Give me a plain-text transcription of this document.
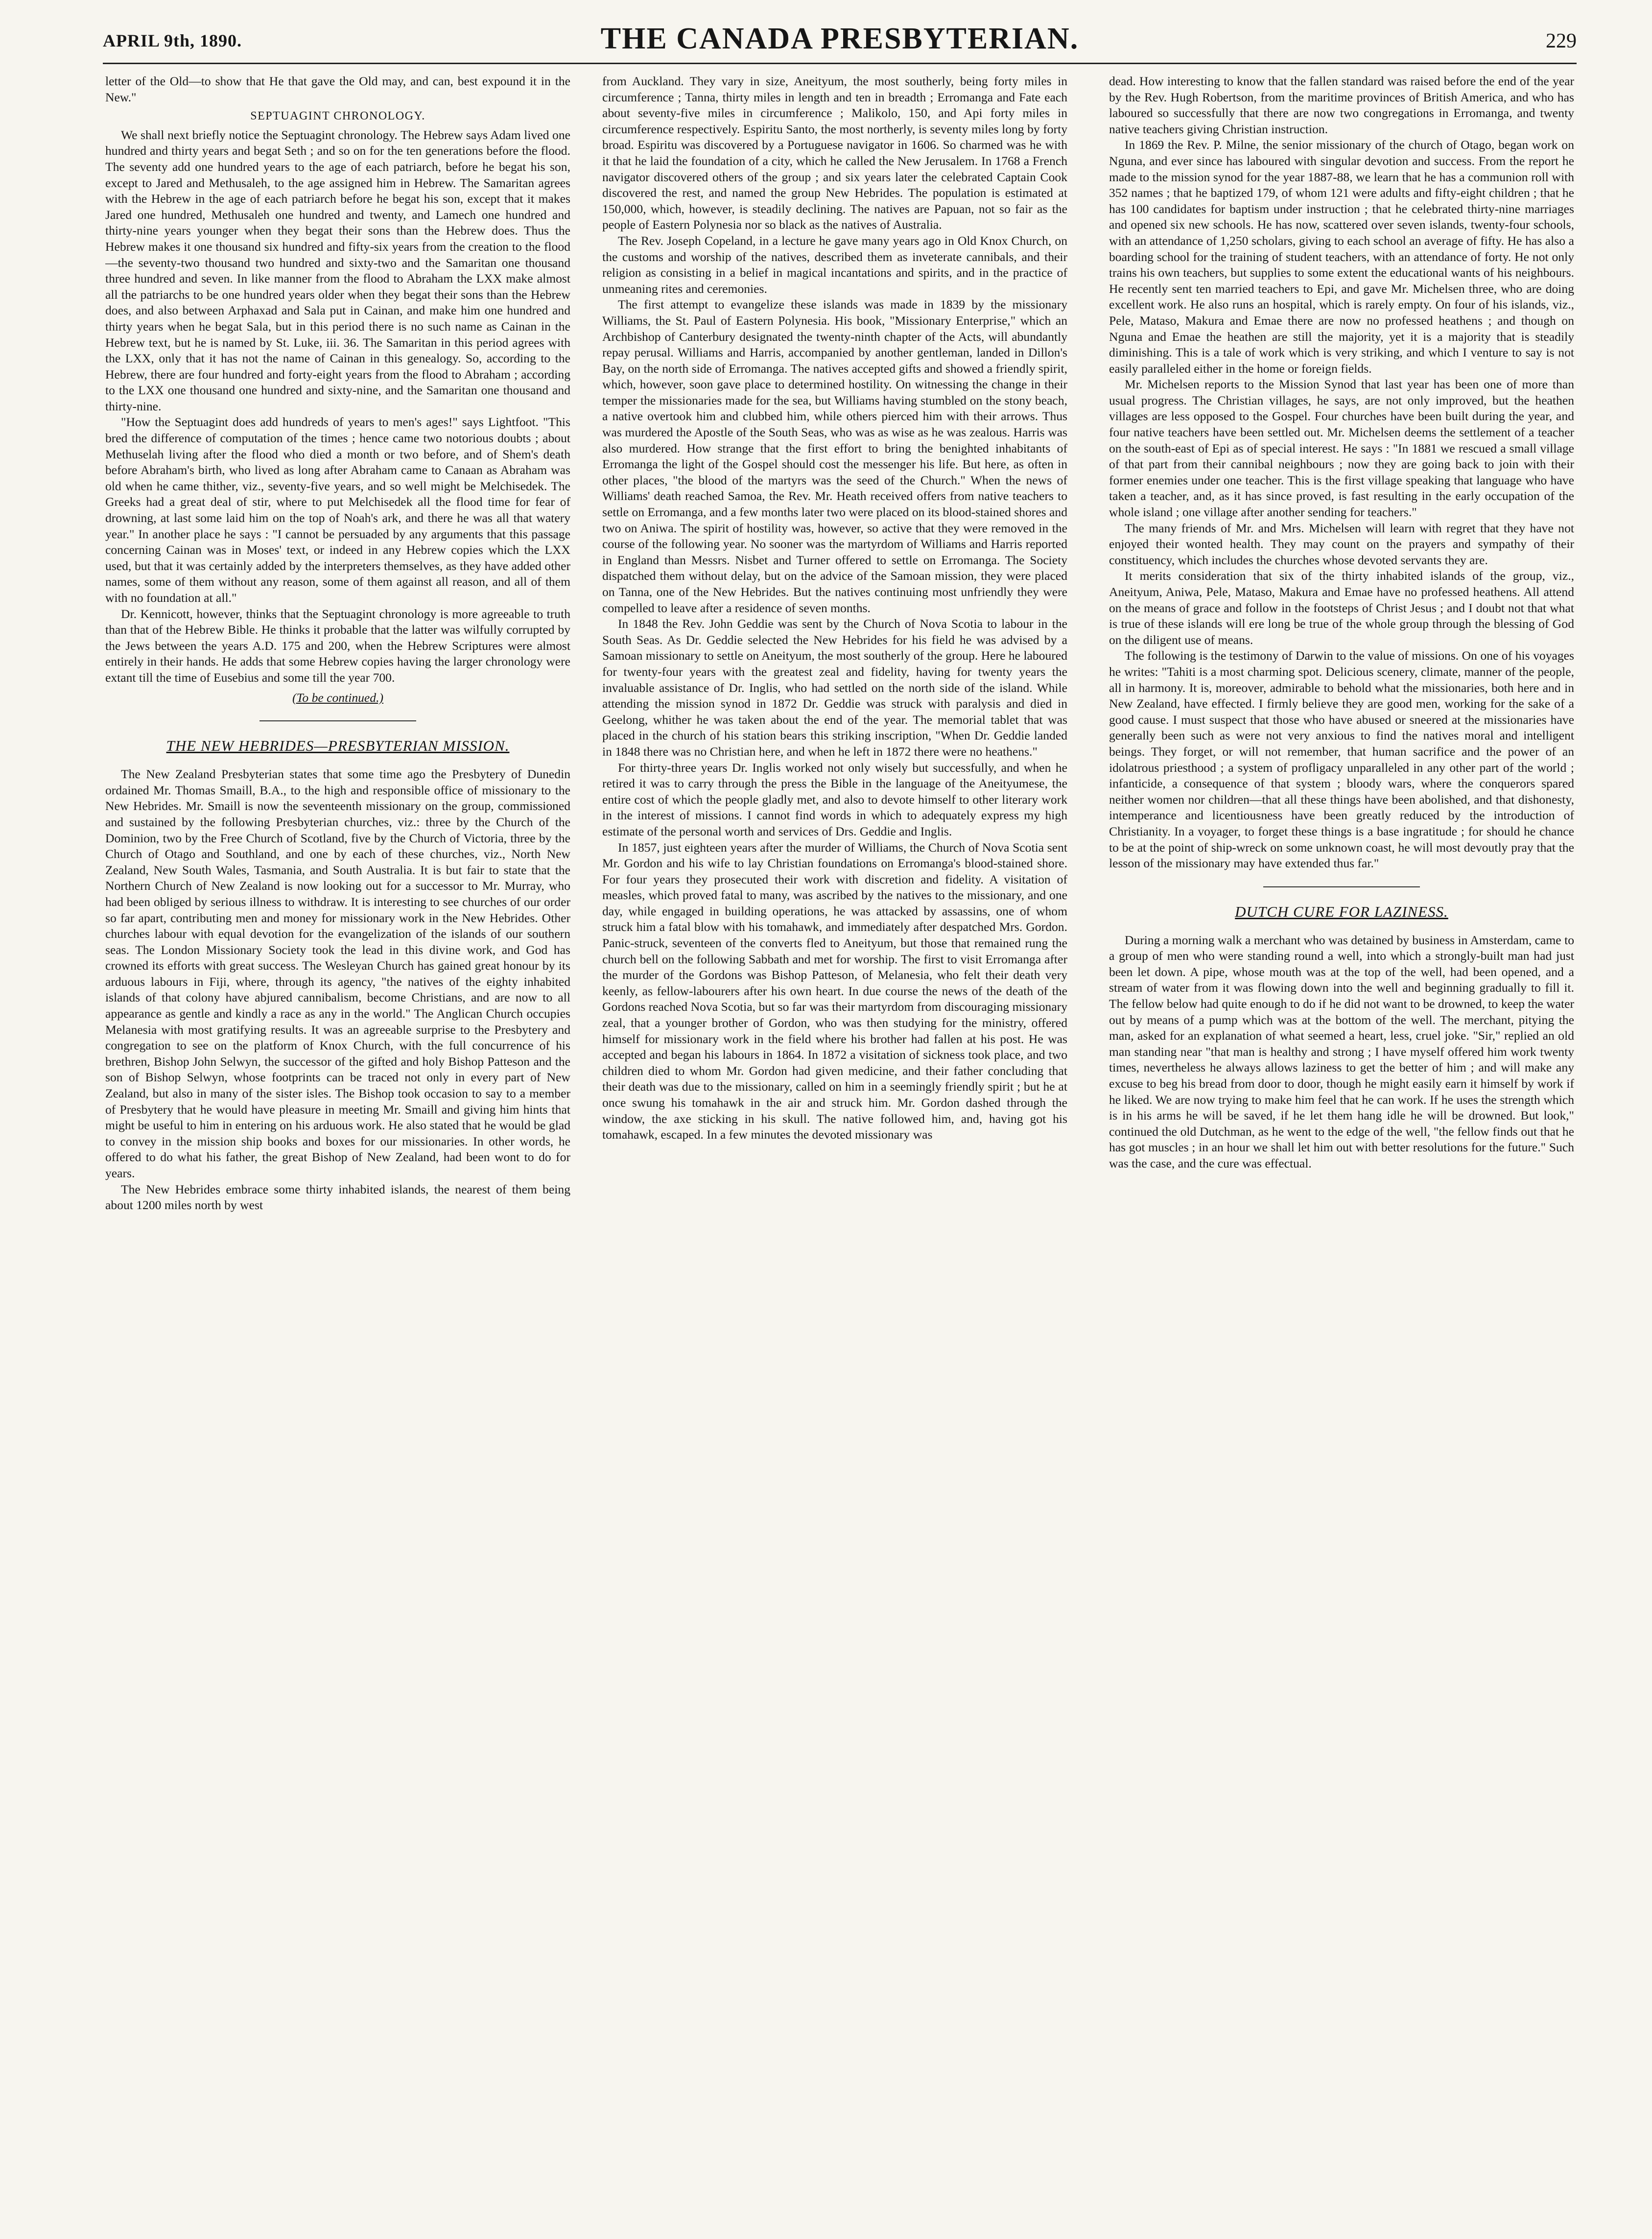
APRIL 9th, 1890.	THE CANADA PRESBYTERIAN.	229

letter of the Old—to show that He that gave the Old may, and can, best expound it in the New."

SEPTUAGINT CHRONOLOGY.

We shall next briefly notice the Septuagint chronology. The Hebrew says Adam lived one hundred and thirty years and begat Seth ; and so on for the ten generations before the flood. The seventy add one hundred years to the age of each patriarch, before he begat his son, except to Jared and Methusaleh, to the age assigned him in Hebrew. The Samaritan agrees with the Hebrew in the age of each patriarch before he begat his son, except that it makes Jared one hundred, Methusaleh one hundred and twenty, and Lamech one hundred and thirty-nine years younger when they begat their sons than the Hebrew does. Thus the Hebrew makes it one thousand six hundred and fifty-six years from the creation to the flood—the seventy-two thousand two hundred and sixty-two and the Samaritan one thousand three hundred and seven. In like manner from the flood to Abraham the LXX make almost all the patriarchs to be one hundred years older when they begat their sons than the Hebrew does, and also between Arphaxad and Sala put in Cainan, and make him one hundred and thirty years when he begat Sala, but in this period there is no such name as Cainan in the Hebrew text, but he is named by St. Luke, iii. 36. The Samaritan in this period agrees with the LXX, only that it has not the name of Cainan in this genealogy. So, according to the Hebrew, there are four hundred and forty-eight years from the flood to Abraham ; according to the LXX one thousand one hundred and sixty-nine, and the Samaritan one thousand and thirty-nine.

"How the Septuagint does add hundreds of years to men's ages!" says Lightfoot. "This bred the difference of computation of the times ; hence came two notorious doubts ; about Methuselah living after the flood who died a month or two before, and of Shem's death before Abraham's birth, who lived as long after Abraham came to Canaan as Abraham was old when he came thither, viz., seventy-five years, and so well might be Melchisedek. The Greeks had a great deal of stir, where to put Melchisedek all the flood time for fear of drowning, at last some laid him on the top of Noah's ark, and there he was all that watery year." In another place he says : "I cannot be persuaded by any arguments that this passage concerning Cainan was in Moses' text, or indeed in any Hebrew copies which the LXX used, but that it was certainly added by the interpreters themselves, as they have added other names, some of them without any reason, some of them against all reason, and all of them with no foundation at all."

Dr. Kennicott, however, thinks that the Septuagint chronology is more agreeable to truth than that of the Hebrew Bible. He thinks it probable that the latter was wilfully corrupted by the Jews between the years A.D. 175 and 200, when the Hebrew Scriptures were almost entirely in their hands. He adds that some Hebrew copies having the larger chronology were extant till the time of Eusebius and some till the year 700.

(To be continued.)
THE NEW HEBRIDES—PRESBYTERIAN MISSION.

The New Zealand Presbyterian states that some time ago the Presbytery of Dunedin ordained Mr. Thomas Smaill, B.A., to the high and responsible office of missionary to the New Hebrides. Mr. Smaill is now the seventeenth missionary on the group, commissioned and sustained by the following Presbyterian churches, viz.: three by the Church of the Dominion, two by the Free Church of Scotland, five by the Church of Victoria, three by the Church of Otago and Southland, and one by each of these churches, viz., North New Zealand, New South Wales, Tasmania, and South Australia. It is but fair to state that the Northern Church of New Zealand is now looking out for a successor to Mr. Murray, who had been obliged by serious illness to withdraw. It is interesting to see churches of our order so far apart, contributing men and money for missionary work in the New Hebrides. Other churches labour with equal devotion for the evangelization of the islands of our southern seas. The London Missionary Society took the lead in this divine work, and God has crowned its efforts with great success. The Wesleyan Church has gained great honour by its arduous labours in Fiji, where, through its agency, "the natives of the eighty inhabited islands of that colony have abjured cannibalism, become Christians, and are now to all appearance as gentle and kindly a race as any in the world." The Anglican Church occupies Melanesia with most gratifying results. It was an agreeable surprise to the Presbytery and congregation to see on the platform of Knox Church, with the full concurrence of his brethren, Bishop John Selwyn, the successor of the gifted and holy Bishop Patteson and the son of Bishop Selwyn, whose footprints can be traced not only in every part of New Zealand, but also in many of the sister isles. The Bishop took occasion to say to a member of Presbytery that he would have pleasure in meeting Mr. Smaill and giving him hints that might be useful to him in entering on his arduous work. He also stated that he would be glad to convey in the mission ship books and boxes for our missionaries. In other words, he offered to do what his father, the great Bishop of New Zealand, had been wont to do for years.

The New Hebrides embrace some thirty inhabited islands, the nearest of them being about 1200 miles north by west

from Auckland. They vary in size, Aneityum, the most southerly, being forty miles in circumference ; Tanna, thirty miles in length and ten in breadth ; Erromanga and Fate each about seventy-five miles in circumference ; Malikolo, 150, and Api forty miles in circumference respectively. Espiritu Santo, the most northerly, is seventy miles long by forty broad. Espiritu was discovered by a Portuguese navigator in 1606. So charmed was he with it that he laid the foundation of a city, which he called the New Jerusalem. In 1768 a French navigator discovered others of the group ; and six years later the celebrated Captain Cook discovered the rest, and named the group New Hebrides. The population is estimated at 150,000, which, however, is steadily declining. The natives are Papuan, not so fair as the people of Eastern Polynesia nor so black as the natives of Australia.

The Rev. Joseph Copeland, in a lecture he gave many years ago in Old Knox Church, on the customs and worship of the natives, described them as inveterate cannibals, and their religion as consisting in a belief in magical incantations and spirits, and in the practice of unmeaning rites and ceremonies.

The first attempt to evangelize these islands was made in 1839 by the missionary Williams, the St. Paul of Eastern Polynesia. His book, "Missionary Enterprise," which an Archbishop of Canterbury designated the twenty-ninth chapter of the Acts, will abundantly repay perusal. Williams and Harris, accompanied by another gentleman, landed in Dillon's Bay, on the north side of Erromanga. The natives accepted gifts and showed a friendly spirit, which, however, soon gave place to determined hostility. On witnessing the change in their temper the missionaries made for the sea, but Williams having stumbled on the stony beach, a native overtook him and clubbed him, while others pierced him with their arrows. Thus was murdered the Apostle of the South Seas, who was as wise as he was zealous. Harris was also murdered. How strange that the first effort to bring the benighted inhabitants of Erromanga the light of the Gospel should cost the messenger his life. But here, as often in other places, "the blood of the martyrs was the seed of the Church." When the news of Williams' death reached Samoa, the Rev. Mr. Heath received offers from native teachers to settle on Erromanga, and a few months later two were placed on its blood-stained shores and two on Aniwa. The spirit of hostility was, however, so active that they were removed in the course of the following year. No sooner was the martyrdom of Williams and Harris reported in England than Messrs. Nisbet and Turner offered to settle on Erromanga. The Society dispatched them without delay, but on the advice of the Samoan mission, they were placed on Tanna, one of the New Hebrides. But the natives continuing most unfriendly they were compelled to leave after a residence of seven months.

In 1848 the Rev. John Geddie was sent by the Church of Nova Scotia to labour in the South Seas. As Dr. Geddie selected the New Hebrides for his field he was advised by a Samoan missionary to settle on Aneityum, the most southerly of the group. Here he laboured for twenty-four years with the greatest zeal and fidelity, having for twenty years the invaluable assistance of Dr. Inglis, who had settled on the north side of the island. While attending the mission synod in 1872 Dr. Geddie was struck with paralysis and died in Geelong, whither he was taken about the end of the year. The memorial tablet that was placed in the church of his station bears this striking inscription, "When Dr. Geddie landed in 1848 there was no Christian here, and when he left in 1872 there were no heathens."

For thirty-three years Dr. Inglis worked not only wisely but successfully, and when he retired it was to carry through the press the Bible in the language of the Aneityumese, the entire cost of which the people gladly met, and also to devote himself to other literary work in the interest of missions. I cannot find words in which to adequately express my high estimate of the personal worth and services of Drs. Geddie and Inglis.

In 1857, just eighteen years after the murder of Williams, the Church of Nova Scotia sent Mr. Gordon and his wife to lay Christian foundations on Erromanga's blood-stained shore. For four years they prosecuted their work with discretion and fidelity. A visitation of measles, which proved fatal to many, was ascribed by the natives to the missionary, and one day, while engaged in building operations, he was attacked by assassins, one of whom struck him a fatal blow with his tomahawk, and immediately after despatched Mrs. Gordon. Panic-struck, seventeen of the converts fled to Aneityum, but those that remained rung the church bell on the following Sabbath and met for worship. The first to visit Erromanga after the murder of the Gordons was Bishop Patteson, of Melanesia, who felt their death very keenly, as fellow-labourers after his own heart. In due course the news of the death of the Gordons reached Nova Scotia, but so far was their martyrdom from discouraging missionary zeal, that a younger brother of Gordon, who was then studying for the ministry, offered himself for missionary work in the field where his brother had fallen at his post. He was accepted and began his labours in 1864. In 1872 a visitation of sickness took place, and two children died to whom Mr. Gordon had given medicine, and their father concluding that their death was due to the missionary, called on him in a seemingly friendly spirit ; but he at once swung his tomahawk in the air and struck him. Mr. Gordon dashed through the window, the axe sticking in his skull. The native followed him, and, having got his tomahawk, escaped. In a few minutes the devoted missionary was

dead. How interesting to know that the fallen standard was raised before the end of the year by the Rev. Hugh Robertson, from the maritime provinces of British America, and who has laboured so successfully that there are now two congregations in Erromanga, and twenty native teachers giving Christian instruction.

In 1869 the Rev. P. Milne, the senior missionary of the church of Otago, began work on Nguna, and ever since has laboured with singular devotion and success. From the report he made to the mission synod for the year 1887-88, we learn that he has a communion roll with 352 names ; that he baptized 179, of whom 121 were adults and fifty-eight children ; that he has 100 candidates for baptism under instruction ; that he celebrated thirty-nine marriages and opened six new schools. He has now, scattered over seven islands, twenty-four schools, with an attendance of 1,250 scholars, giving to each school an average of fifty. He has also a boarding school for the training of student teachers, with an attendance of forty. He not only trains his own teachers, but supplies to some extent the educational wants of his neighbours. He recently sent ten married teachers to Epi, and gave Mr. Michelsen three, who are doing excellent work. He also runs an hospital, which is rarely empty. On four of his islands, viz., Pele, Mataso, Makura and Emae there are now no professed heathens ; and though on Nguna and Emae the heathen are still the majority, yet it is a majority that is steadily diminishing. This is a tale of work which is very striking, and which I venture to say is not easily paralleled either in the home or foreign fields.

Mr. Michelsen reports to the Mission Synod that last year has been one of more than usual progress. The Christian villages, he says, are not only improved, but the heathen villages are less opposed to the Gospel. Four churches have been built during the year, and four native teachers have been settled out. Mr. Michelsen deems the settlement of a teacher on the south-east of Epi as of special interest. He says : "In 1881 we rescued a small village of that part from their cannibal neighbours ; now they are going back to join with their former enemies under one teacher. This is the first village speaking that language who have taken a teacher, and, as it has since proved, is fast resulting in the early occupation of the whole island ; one village after another sending for teachers."

The many friends of Mr. and Mrs. Michelsen will learn with regret that they have not enjoyed their wonted health. They may count on the prayers and sympathy of their constituency, which includes the churches whose devoted servants they are.

It merits consideration that six of the thirty inhabited islands of the group, viz., Aneityum, Aniwa, Pele, Mataso, Makura and Emae have no professed heathens. All attend on the means of grace and follow in the footsteps of Christ Jesus ; and I doubt not that what is true of these islands will ere long be true of the whole group through the blessing of God on the diligent use of means.

The following is the testimony of Darwin to the value of missions. On one of his voyages he writes: "Tahiti is a most charming spot. Delicious scenery, climate, manner of the people, all in harmony. It is, moreover, admirable to behold what the missionaries, both here and in New Zealand, have effected. I firmly believe they are good men, working for the sake of a good cause. I must suspect that those who have abused or sneered at the missionaries have generally been such as were not very anxious to find the natives moral and intelligent beings. They forget, or will not remember, that human sacrifice and the power of an idolatrous priesthood ; a system of profligacy unparalleled in any other part of the world ; infanticide, a consequence of that system ; bloody wars, where the conquerors spared neither women nor children—that all these things have been abolished, and that dishonesty, intemperance and licentiousness have been greatly reduced by the introduction of Christianity. In a voyager, to forget these things is a base ingratitude ; for should he chance to be at the point of ship-wreck on some unknown coast, he will most devoutly pray that the lesson of the missionary may have extended thus far."

DUTCH CURE FOR LAZINESS.

During a morning walk a merchant who was detained by business in Amsterdam, came to a group of men who were standing round a well, into which a strongly-built man had just been let down. A pipe, whose mouth was at the top of the well, had been opened, and a stream of water from it was flowing down into the well and beginning gradually to fill it. The fellow below had quite enough to do if he did not want to be drowned, to keep the water out by means of a pump which was at the bottom of the well. The merchant, pitying the man, asked for an explanation of what seemed a heart, less, cruel joke. "Sir," replied an old man standing near "that man is healthy and strong ; I have myself offered him work twenty times, nevertheless he always allows laziness to get the better of him ; and will make any excuse to beg his bread from door to door, though he might easily earn it himself by work if he liked. We are now trying to make him feel that he can work. If he uses the strength which is in his arms he will be saved, if he let them hang idle he will be drowned. But look," continued the old Dutchman, as he went to the edge of the well, "the fellow finds out that he has got muscles ; in an hour we shall let him out with better resolutions for the future." Such was the case, and the cure was effectual.
